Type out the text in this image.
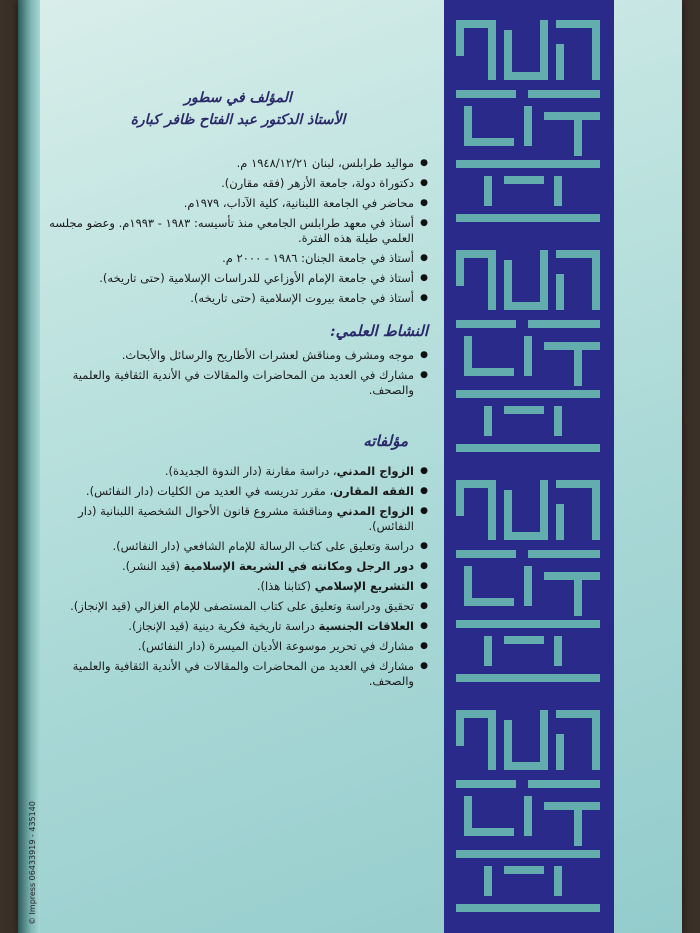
المؤلف في سطور

الأستاذ الدكتور عبد الفتاح ظافر كبارة

● مواليد طرابلس، لبنان ١٩٤٨/١٢/٢١ م.
● دكتوراة دولة، جامعة الأزهر (فقه مقارن).
● محاضر في الجامعة اللبنانية، كلية الآداب، ١٩٧٩م.
● أستاذ في معهد طرابلس الجامعي منذ تأسيسه: ١٩٨٣ - ١٩٩٣م. وعضو مجلسه العلمي طيلة هذه الفترة.
● أستاذ في جامعة الجنان: ١٩٨٦ - ٢٠٠٠ م.
● أستاذ في جامعة الإمام الأوزاعي للدراسات الإسلامية (حتى تاريخه).
● أستاذ في جامعة بيروت الإسلامية (حتى تاريخه).

النشاط العلمي:

● موجه ومشرف ومناقش لعشرات الأطاريح والرسائل والأبحاث.
● مشارك في العديد من المحاضرات والمقالات في الأندية الثقافية والعلمية والصحف.

مؤلفاته

● الزواج المدني، دراسة مقارنة (دار الندوة الجديدة).
● الفقه المقارن، مقرر تدريسه في العديد من الكليات (دار النفائس).
● الزواج المدني ومناقشة مشروع قانون الأحوال الشخصية اللبنانية (دار النفائس).
● دراسة وتعليق على كتاب الرسالة للإمام الشافعي (دار النفائس).
● دور الرجل ومكانته في الشريعة الإسلامية (قيد النشر).
● التشريع الإسلامي (كتابنا هذا).
● تحقيق ودراسة وتعليق على كتاب المستصفى للإمام الغزالي (قيد الإنجاز).
● العلاقات الجنسية دراسة تاريخية فكرية دينية (قيد الإنجاز).
● مشارك في تحرير موسوعة الأديان الميسرة (دار النفائس).
● مشارك في العديد من المحاضرات والمقالات في الأندية الثقافية والعلمية والصحف.
© Impress 06433919 - 435140
